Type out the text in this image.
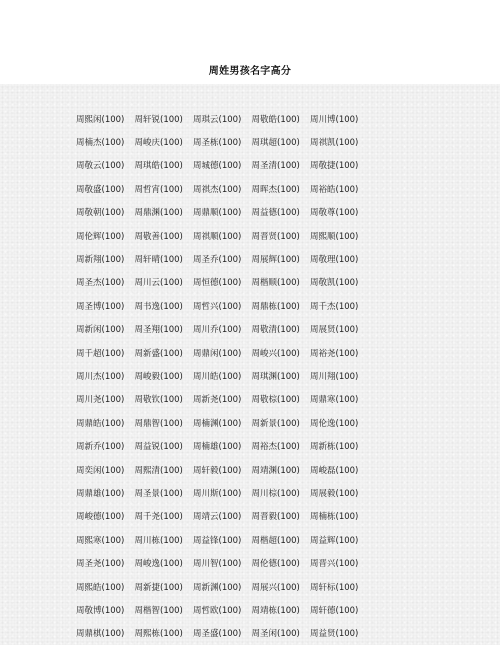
周姓男孩名字高分
周熙闲(100)	周轩锐(100)	周琪云(100)	周敬皓(100)	周川博(100)
周楠杰(100)	周峻庆(100)	周圣栋(100)	周琪超(100)	周祺凯(100)
周敬云(100)	周琪皓(100)	周城德(100)	周圣清(100)	周敬捷(100)
周敬盛(100)	周哲宵(100)	周祺杰(100)	周晖杰(100)	周裕皓(100)
周敬朝(100)	周鼎渊(100)	周鼎顺(100)	周益德(100)	周敬尊(100)
周伦辉(100)	周敬善(100)	周祺顺(100)	周晋贤(100)	周熙顺(100)
周新翔(100)	周轩晴(100)	周圣乔(100)	周展辉(100)	周敬理(100)
周圣杰(100)	周川云(100)	周恒德(100)	周楷顺(100)	周敬凯(100)
周圣博(100)	周书逸(100)	周哲兴(100)	周鼎栋(100)	周千杰(100)
周新闲(100)	周圣翔(100)	周川乔(100)	周敬清(100)	周展贤(100)
周千超(100)	周新盛(100)	周鼎闲(100)	周峻兴(100)	周裕尧(100)
周川杰(100)	周峻毅(100)	周川皓(100)	周琪渊(100)	周川翔(100)
周川尧(100)	周敬钦(100)	周新尧(100)	周敬棕(100)	周鼎寒(100)
周鼎皓(100)	周鼎智(100)	周楠渊(100)	周新景(100)	周伦逸(100)
周新乔(100)	周益锐(100)	周楠雄(100)	周裕杰(100)	周新栋(100)
周奕闲(100)	周熙清(100)	周轩毅(100)	周靖渊(100)	周峻磊(100)
周鼎雄(100)	周圣景(100)	周川斯(100)	周川棕(100)	周展毅(100)
周峻德(100)	周千尧(100)	周靖云(100)	周晋毅(100)	周楠栋(100)
周熙寒(100)	周川栋(100)	周益锋(100)	周楷超(100)	周益辉(100)
周圣尧(100)	周峻逸(100)	周川智(100)	周伦德(100)	周晋兴(100)
周熙皓(100)	周新捷(100)	周新渊(100)	周展兴(100)	周轩标(100)
周敬博(100)	周楷智(100)	周哲欧(100)	周靖栋(100)	周轩德(100)
周鼎棋(100)	周熙栋(100)	周圣盛(100)	周圣闲(100)	周益贤(100)
